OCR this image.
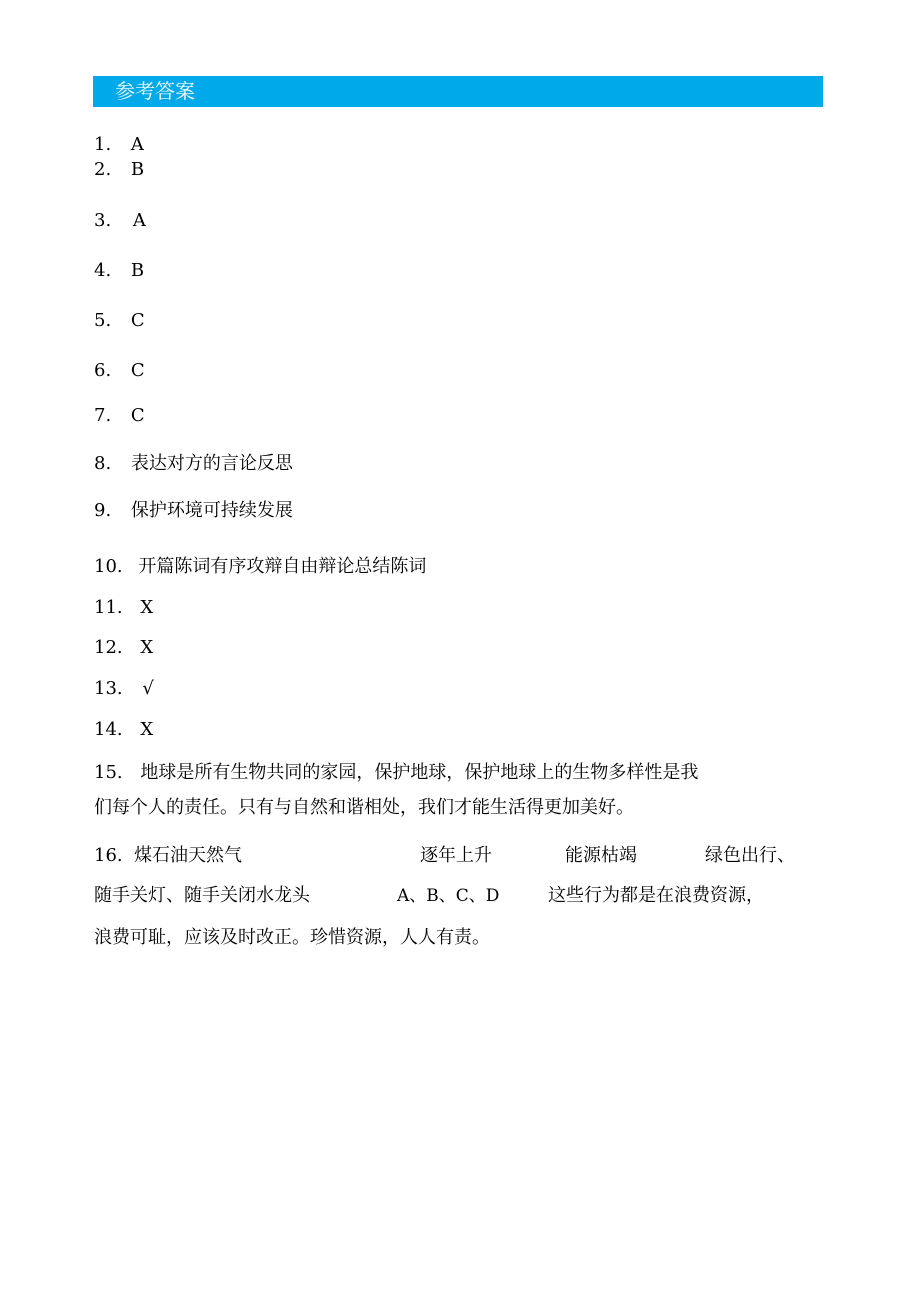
参考答案
1. A
2. B
3. A
4. B
5. C
6. C
7. C
8. 表达对方的言论反思
9. 保护环境可持续发展
10. 开篇陈词有序攻辩自由辩论总结陈词
11. X
12. X
13. √
14. X
15. 地球是所有生物共同的家园，保护地球，保护地球上的生物多样性是我
们每个人的责任。只有与自然和谐相处，我们才能生活得更加美好。
16. 煤石油天然气	逐年上升	能源枯竭	绿色出行、
随手关灯、随手关闭水龙头	A、B、C、D	这些行为都是在浪费资源，
浪费可耻，应该及时改正。珍惜资源，人人有责。
